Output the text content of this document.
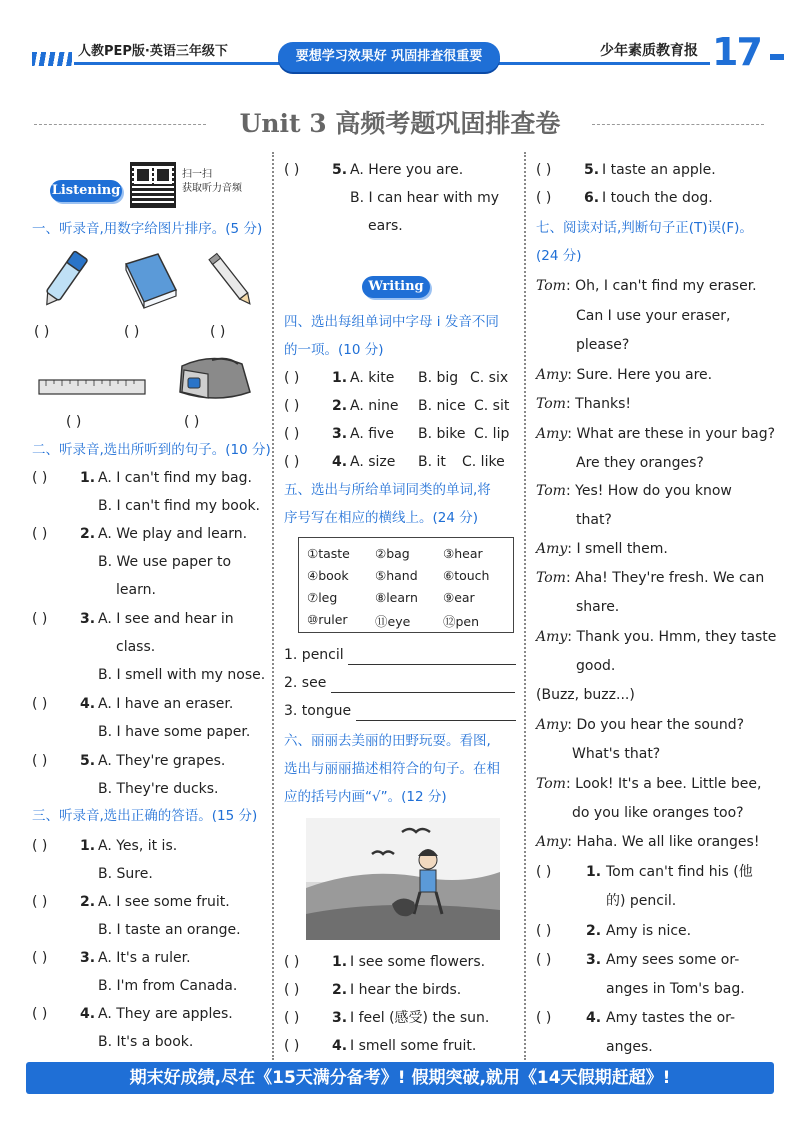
人教PEP版·英语三年级下	要想学习效果好 巩固排查很重要	少年素质教育报 17
Unit 3 高频考题巩固排查卷
Listening
扫一扫
获取听力音频
一、听录音,用数字给图片排序。(5 分)
( )	( )	( )
( )	( )
二、听录音,选出所听到的句子。(10 分)
( ) 1. A. I can't find my bag.
B. I can't find my book.
( ) 2. A. We play and learn.
B. We use paper to
learn.
( ) 3. A. I see and hear in
class.
B. I smell with my nose.
( ) 4. A. I have an eraser.
B. I have some paper.
( ) 5. A. They're grapes.
B. They're ducks.
三、听录音,选出正确的答语。(15 分)
( ) 1. A. Yes, it is.
B. Sure.
( ) 2. A. I see some fruit.
B. I taste an orange.
( ) 3. A. It's a ruler.
B. I'm from Canada.
( ) 4. A. They are apples.
B. It's a book.
( ) 5. A. Here you are.
B. I can hear with my
ears.
Writing
四、选出每组单词中字母 i 发音不同
的一项。(10 分)
( ) 1. A. kite B. big C. six
( ) 2. A. nine B. nice C. sit
( ) 3. A. five B. bike C. lip
( ) 4. A. size B. it C. like
五、选出与所给单词同类的单词,将
序号写在相应的横线上。(24 分)
①taste ②bag	③hear
④book ⑤hand ⑥touch
⑦leg	⑧learn ⑨ear
⑩ruler ⑪eye	⑫pen
1. pencil
2. see
3. tongue
六、丽丽去美丽的田野玩耍。看图,
选出与丽丽描述相符合的句子。在相
应的括号内画“√”。(12 分)
( ) 1. I see some flowers.
( ) 2. I hear the birds.
( ) 3. I feel (感受) the sun.
( ) 4. I smell some fruit.
( ) 5. I taste an apple.
( ) 6. I touch the dog.
七、阅读对话,判断句子正(T)误(F)。
(24 分)
Tom: Oh, I can't find my eraser.
Can I use your eraser,
please?
Amy: Sure. Here you are.
Tom: Thanks!
Amy: What are these in your bag?
Are they oranges?
Tom: Yes! How do you know
that?
Amy: I smell them.
Tom: Aha! They're fresh. We can
share.
Amy: Thank you. Hmm, they taste
good.
(Buzz, buzz...)
Amy: Do you hear the sound?
What's that?
Tom: Look! It's a bee. Little bee,
do you like oranges too?
Amy: Haha. We all like oranges!
( ) 1. Tom can't find his (他
的) pencil.
( ) 2. Amy is nice.
( ) 3. Amy sees some or-
anges in Tom's bag.
( ) 4. Amy tastes the or-
anges.
期末好成绩,尽在《15天满分备考》! 假期突破,就用《14天假期赶超》!
